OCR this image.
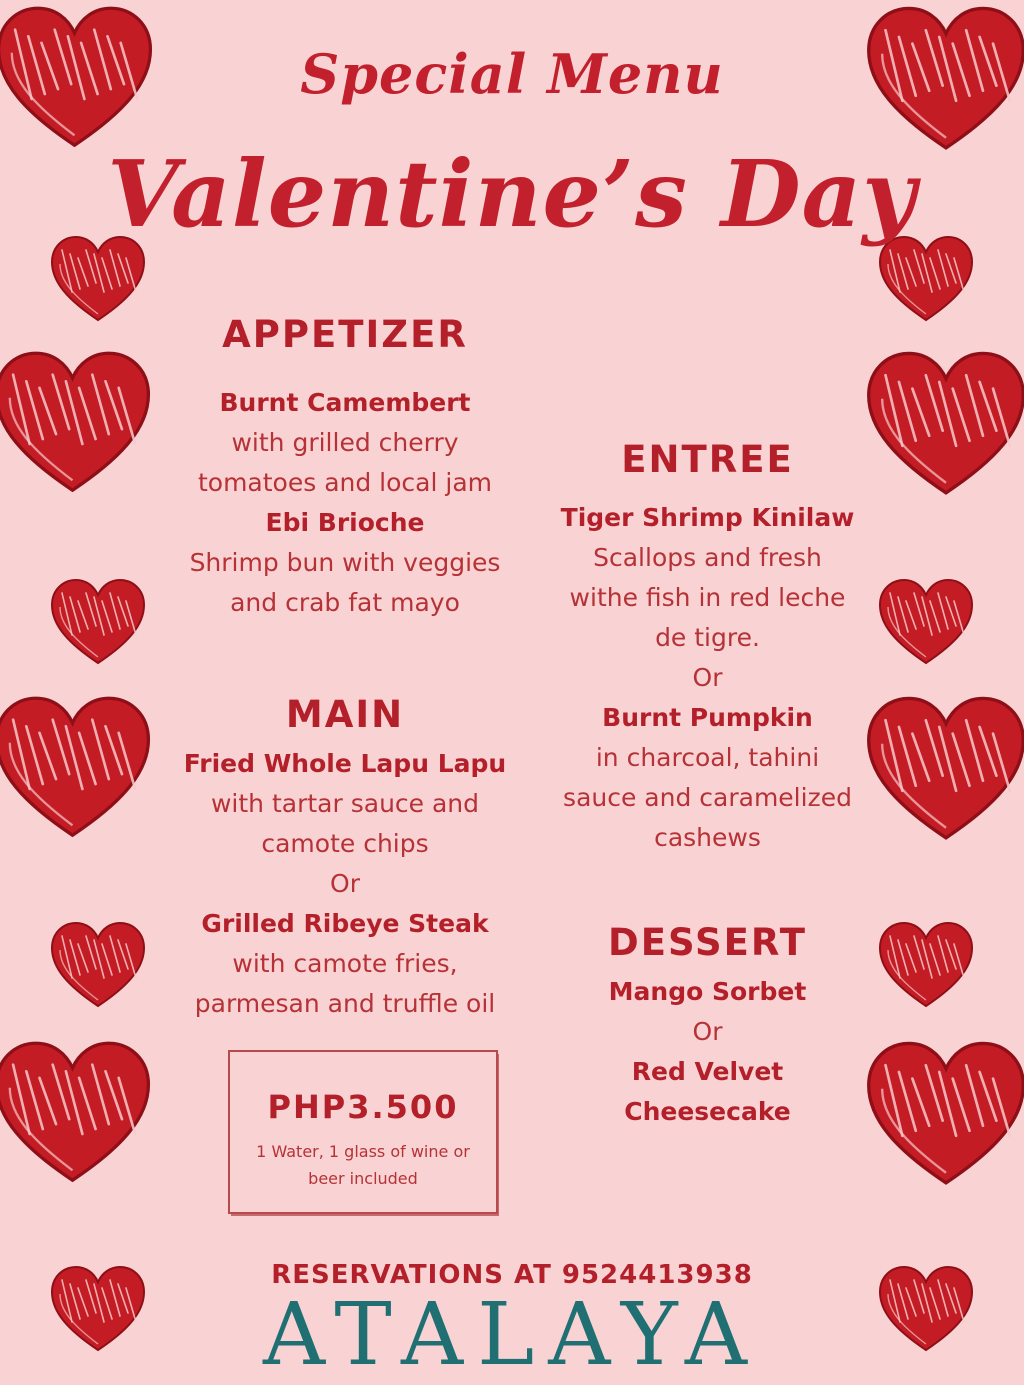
Special Menu
Valentine’s Day
APPETIZER
Burnt Camembert
with grilled cherry
tomatoes and local jam
Ebi Brioche
Shrimp bun with veggies
and crab fat mayo
MAIN
Fried Whole Lapu Lapu
with tartar sauce and
camote chips
Or
Grilled Ribeye Steak
with camote fries,
parmesan and truffle oil
ENTREE
Tiger Shrimp Kinilaw
Scallops and fresh
withe fish in red leche
de tigre.
Or
Burnt Pumpkin
in charcoal, tahini
sauce and caramelized
cashews
DESSERT
Mango Sorbet
Or
Red Velvet
Cheesecake
PHP3.500
1 Water, 1 glass of wine or
beer included
RESERVATIONS AT 9524413938
ATALAYA
